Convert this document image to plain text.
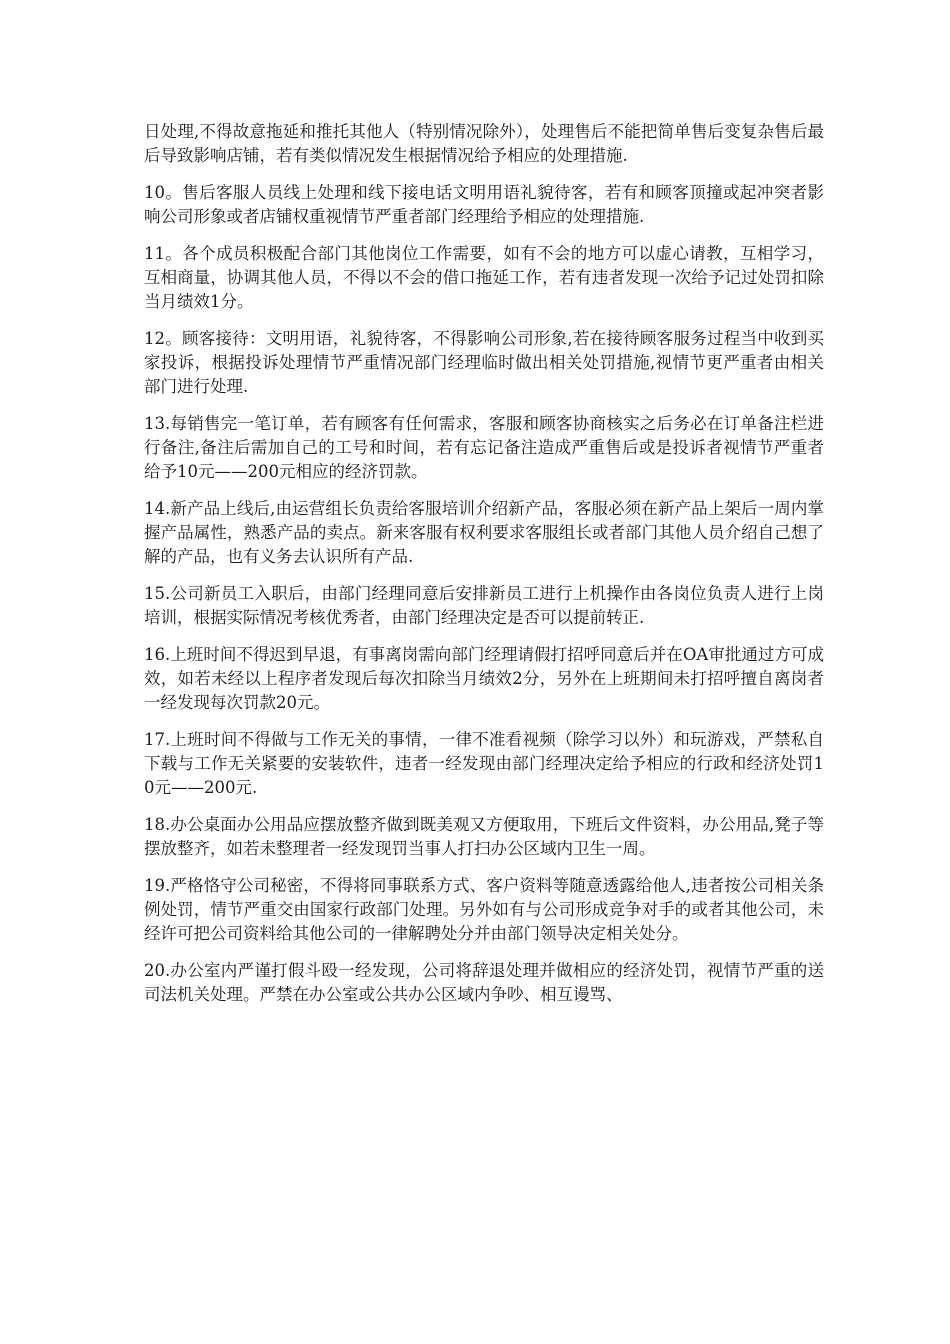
日处理,不得故意拖延和推托其他人（特别情况除外），处理售后不能把简单售后变复杂售后最后导致影响店铺，若有类似情况发生根据情况给予相应的处理措施.

10。售后客服人员线上处理和线下接电话文明用语礼貌待客，若有和顾客顶撞或起冲突者影响公司形象或者店铺权重视情节严重者部门经理给予相应的处理措施.

11。各个成员积极配合部门其他岗位工作需要，如有不会的地方可以虚心请教，互相学习，互相商量，协调其他人员，不得以不会的借口拖延工作，若有违者发现一次给予记过处罚扣除当月绩效1分。

12。顾客接待：文明用语，礼貌待客，不得影响公司形象,若在接待顾客服务过程当中收到买家投诉，根据投诉处理情节严重情况部门经理临时做出相关处罚措施,视情节更严重者由相关部门进行处理.

13.每销售完一笔订单，若有顾客有任何需求，客服和顾客协商核实之后务必在订单备注栏进行备注,备注后需加自己的工号和时间，若有忘记备注造成严重售后或是投诉者视情节严重者给予10元——200元相应的经济罚款。

14.新产品上线后,由运营组长负责给客服培训介绍新产品，客服必须在新产品上架后一周内掌握产品属性，熟悉产品的卖点。新来客服有权利要求客服组长或者部门其他人员介绍自己想了解的产品，也有义务去认识所有产品.

15.公司新员工入职后，由部门经理同意后安排新员工进行上机操作由各岗位负责人进行上岗培训，根据实际情况考核优秀者，由部门经理决定是否可以提前转正.

16.上班时间不得迟到早退，有事离岗需向部门经理请假打招呼同意后并在OA审批通过方可成效，如若未经以上程序者发现后每次扣除当月绩效2分，另外在上班期间未打招呼擅自离岗者一经发现每次罚款20元。

17.上班时间不得做与工作无关的事情，一律不准看视频（除学习以外）和玩游戏，严禁私自下载与工作无关紧要的安装软件，违者一经发现由部门经理决定给予相应的行政和经济处罚10元——200元.

18.办公桌面办公用品应摆放整齐做到既美观又方便取用，下班后文件资料，办公用品,凳子等摆放整齐，如若未整理者一经发现罚当事人打扫办公区域内卫生一周。

19.严格恪守公司秘密，不得将同事联系方式、客户资料等随意透露给他人,违者按公司相关条例处罚，情节严重交由国家行政部门处理。另外如有与公司形成竞争对手的或者其他公司，未经许可把公司资料给其他公司的一律解聘处分并由部门领导决定相关处分。

20.办公室内严谨打假斗殴一经发现，公司将辞退处理并做相应的经济处罚，视情节严重的送司法机关处理。严禁在办公室或公共办公区域内争吵、相互谩骂、
